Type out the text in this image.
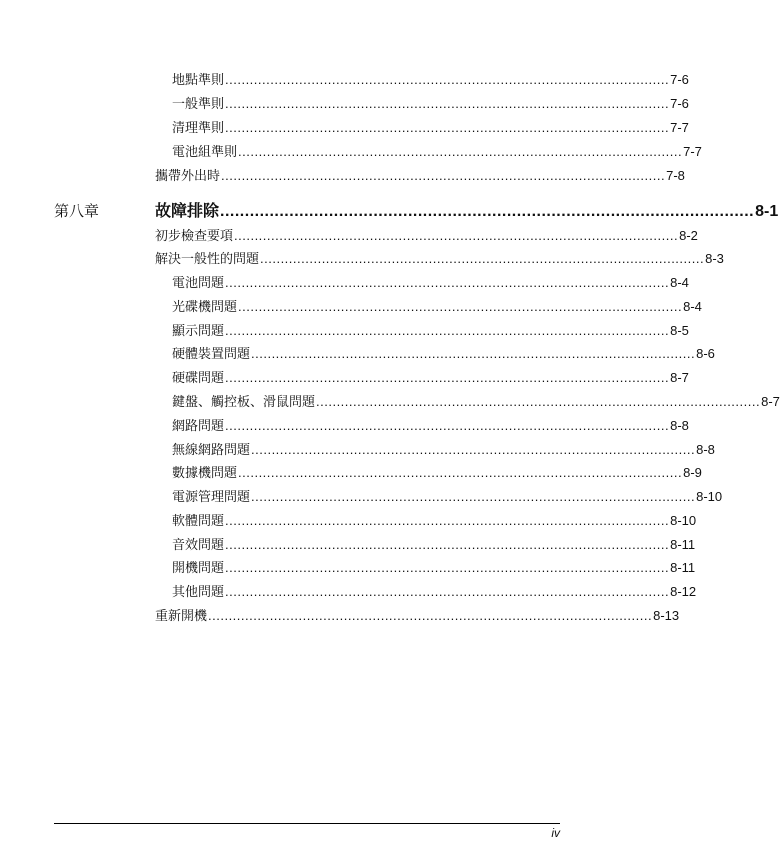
地點準則 ............................................................................................................ 7-6
一般準則 ............................................................................................................ 7-6
清理準則 ............................................................................................................ 7-7
電池組準則 ............................................................................................................ 7-7
攜帶外出時 ............................................................................................................ 7-8
第八章	故障排除 ............................................................................................................ 8-1
初步檢查要項 ............................................................................................................ 8-2
解決一般性的問題 ............................................................................................................ 8-3
電池問題 ............................................................................................................ 8-4
光碟機問題 ............................................................................................................ 8-4
顯示問題 ............................................................................................................ 8-5
硬體裝置問題 ............................................................................................................ 8-6
硬碟問題 ............................................................................................................ 8-7
鍵盤、觸控板、滑鼠問題 ............................................................................................................ 8-7
網路問題 ............................................................................................................ 8-8
無線網路問題 ............................................................................................................ 8-8
數據機問題 ............................................................................................................ 8-9
電源管理問題 ............................................................................................................ 8-10
軟體問題 ............................................................................................................ 8-10
音效問題 ............................................................................................................ 8-11
開機問題 ............................................................................................................ 8-11
其他問題 ............................................................................................................ 8-12
重新開機 ............................................................................................................ 8-13
iv
